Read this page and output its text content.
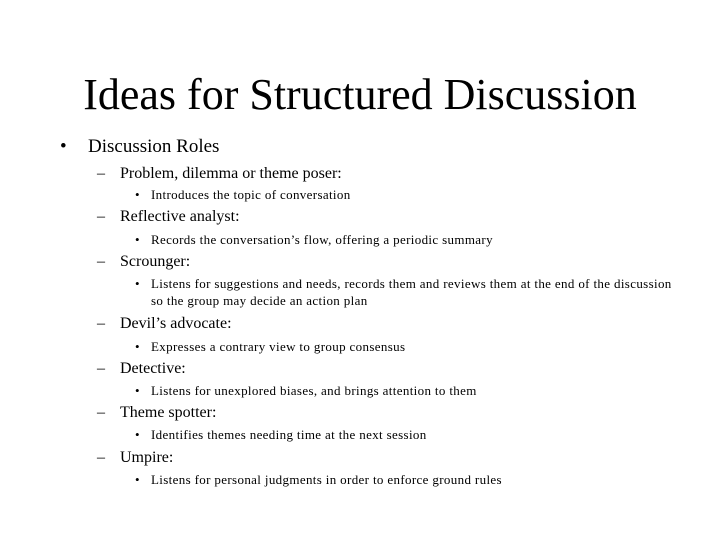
Ideas for Structured Discussion
• Discussion Roles
– Problem, dilemma or theme poser:
• Introduces the topic of conversation
– Reflective analyst:
• Records the conversation’s flow, offering a periodic summary
– Scrounger:
• Listens for suggestions and needs, records them and reviews them at the end of the discussion so the group may decide an action plan
– Devil’s advocate:
• Expresses a contrary view to group consensus
– Detective:
• Listens for unexplored biases, and brings attention to them
– Theme spotter:
• Identifies themes needing time at the next session
– Umpire:
• Listens for personal judgments in order to enforce ground rules
